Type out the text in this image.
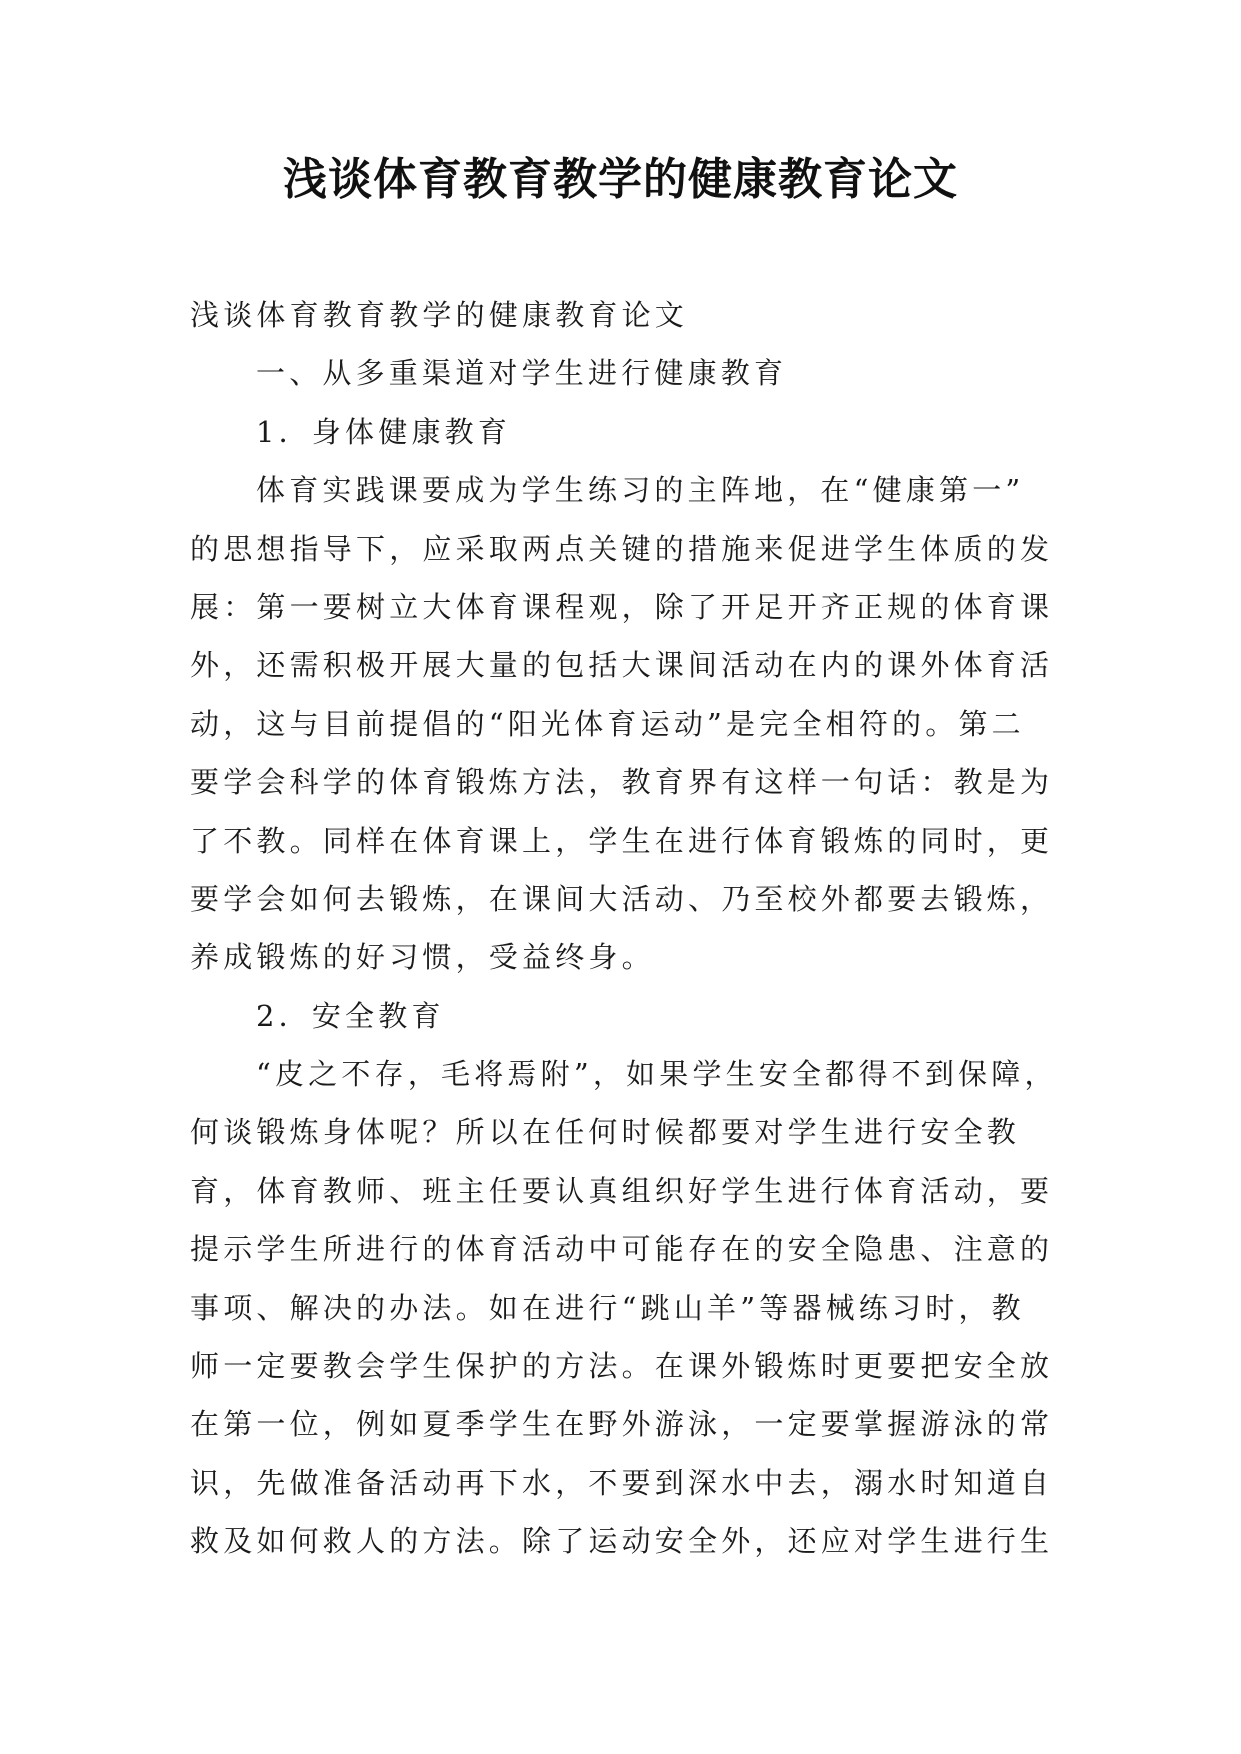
浅谈体育教育教学的健康教育论文
浅谈体育教育教学的健康教育论文
一、从多重渠道对学生进行健康教育
1．身体健康教育
体育实践课要成为学生练习的主阵地，在“健康第一”
的思想指导下，应采取两点关键的措施来促进学生体质的发
展：第一要树立大体育课程观，除了开足开齐正规的体育课
外，还需积极开展大量的包括大课间活动在内的课外体育活
动，这与目前提倡的“阳光体育运动”是完全相符的。第二
要学会科学的体育锻炼方法，教育界有这样一句话：教是为
了不教。同样在体育课上，学生在进行体育锻炼的同时，更
要学会如何去锻炼，在课间大活动、乃至校外都要去锻炼，
养成锻炼的好习惯，受益终身。
2．安全教育
“皮之不存，毛将焉附”，如果学生安全都得不到保障，
何谈锻炼身体呢？所以在任何时候都要对学生进行安全教
育，体育教师、班主任要认真组织好学生进行体育活动，要
提示学生所进行的体育活动中可能存在的安全隐患、注意的
事项、解决的办法。如在进行“跳山羊”等器械练习时，教
师一定要教会学生保护的方法。在课外锻炼时更要把安全放
在第一位，例如夏季学生在野外游泳，一定要掌握游泳的常
识，先做准备活动再下水，不要到深水中去，溺水时知道自
救及如何救人的方法。除了运动安全外，还应对学生进行生
